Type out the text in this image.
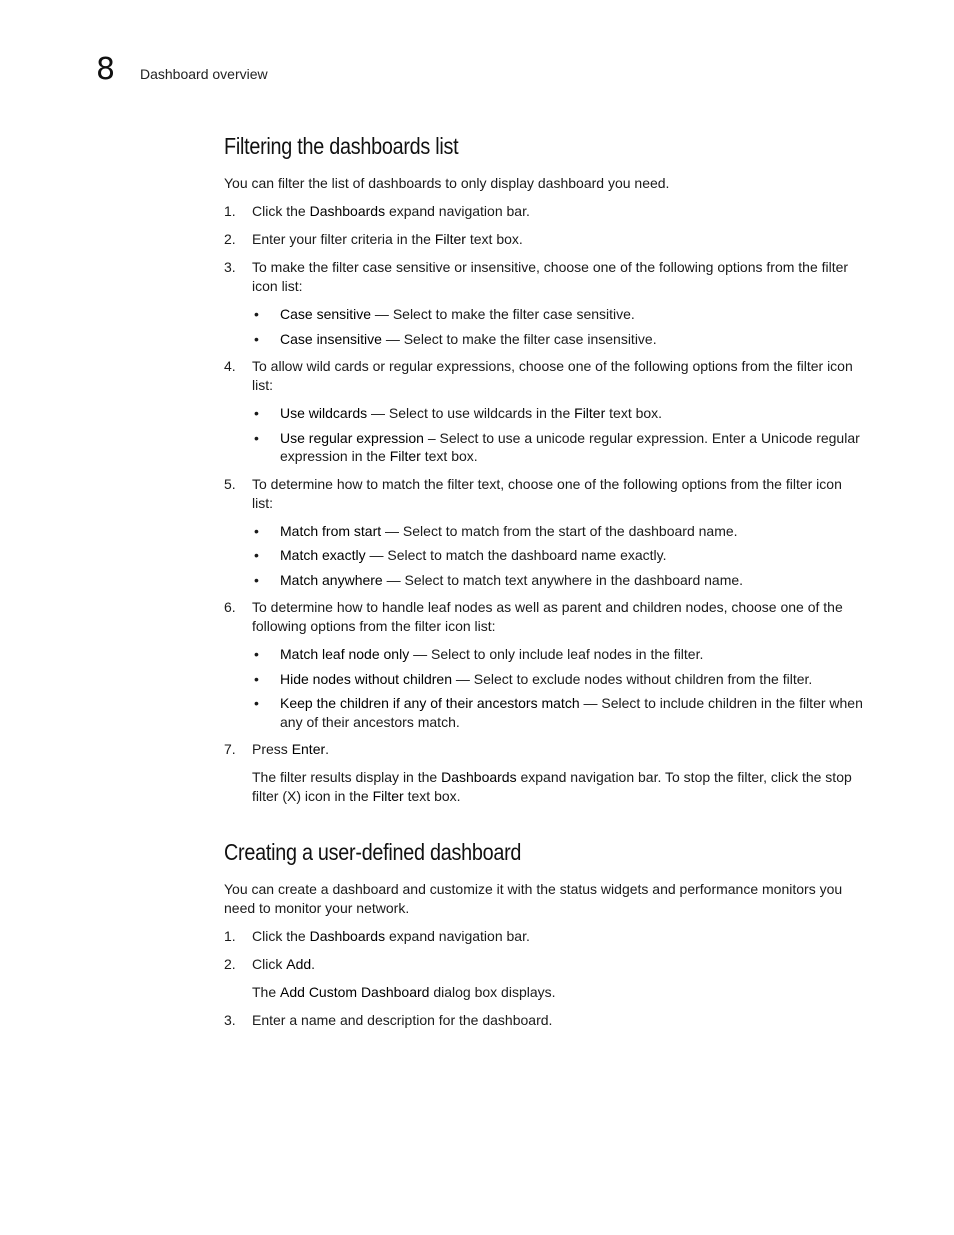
8 Dashboard overview
Filtering the dashboards list

You can filter the list of dashboards to only display dashboard you need.

1. Click the Dashboards expand navigation bar.
2. Enter your filter criteria in the Filter text box.
3. To make the filter case sensitive or insensitive, choose one of the following options from the filter icon list:
• Case sensitive — Select to make the filter case sensitive.
• Case insensitive — Select to make the filter case insensitive.
4. To allow wild cards or regular expressions, choose one of the following options from the filter icon list:
• Use wildcards — Select to use wildcards in the Filter text box.
• Use regular expression – Select to use a unicode regular expression. Enter a Unicode regular expression in the Filter text box.
5. To determine how to match the filter text, choose one of the following options from the filter icon list:
• Match from start — Select to match from the start of the dashboard name.
• Match exactly — Select to match the dashboard name exactly.
• Match anywhere — Select to match text anywhere in the dashboard name.
6. To determine how to handle leaf nodes as well as parent and children nodes, choose one of the following options from the filter icon list:
• Match leaf node only — Select to only include leaf nodes in the filter.
• Hide nodes without children — Select to exclude nodes without children from the filter.
• Keep the children if any of their ancestors match — Select to include children in the filter when any of their ancestors match.
7. Press Enter.

The filter results display in the Dashboards expand navigation bar. To stop the filter, click the stop filter (X) icon in the Filter text box.

Creating a user-defined dashboard

You can create a dashboard and customize it with the status widgets and performance monitors you need to monitor your network.

1. Click the Dashboards expand navigation bar.
2. Click Add.

The Add Custom Dashboard dialog box displays.

3. Enter a name and description for the dashboard.
